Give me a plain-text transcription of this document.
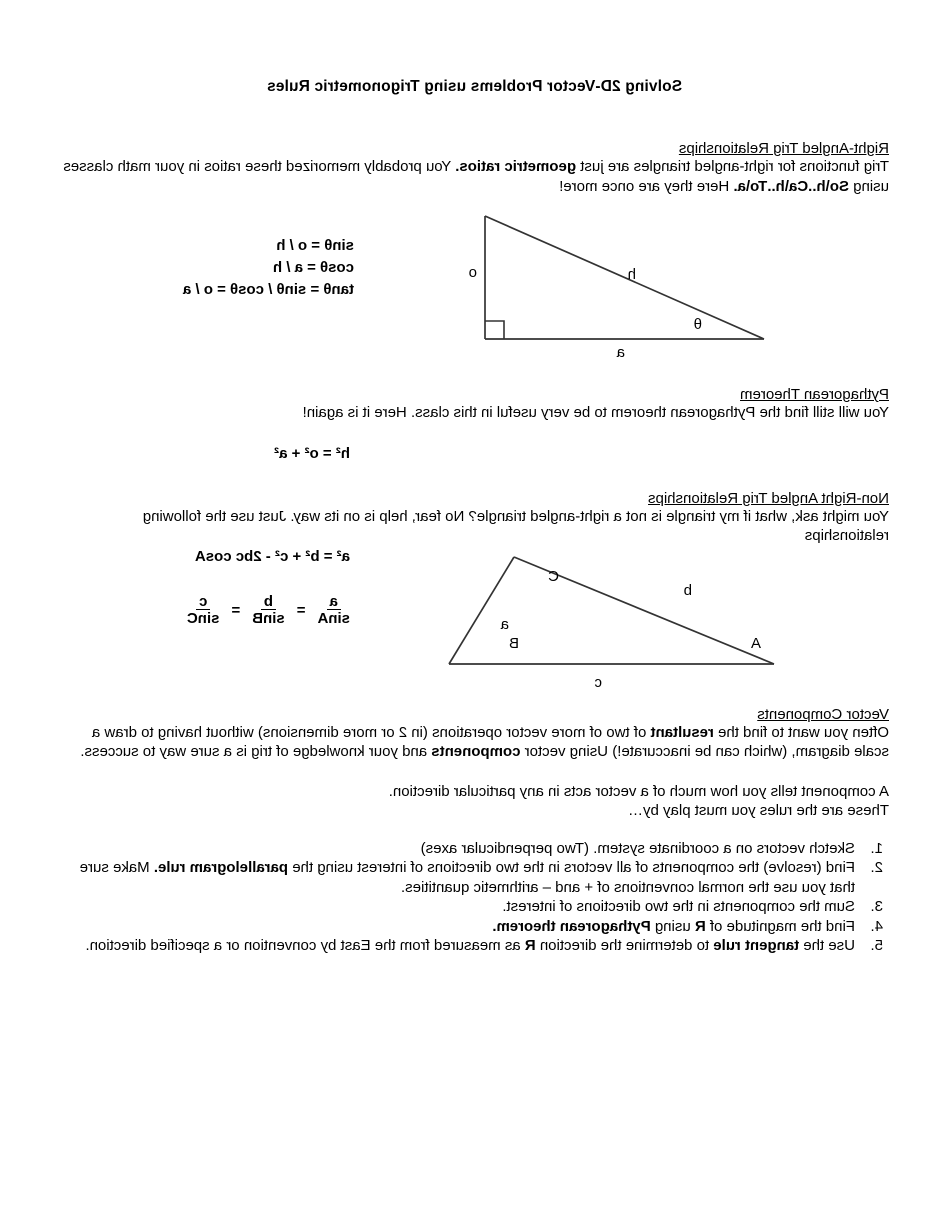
Solving 2D-Vector Problems using Trigonometric Rules
Right-Angled Trig Relationships

Trig functions for right-angled triangles are just geometric ratios. You probably memorized these ratios in your math classes using So\h..Ca\h..To\a. Here they are once more!

h
o
a
θ
sinθ = o / h
cosθ = a / h
tanθ = sinθ / cosθ = o / a
Pythagorean Theorem

You will still find the Pythagorean theorem to be very useful in this class. Here it is again!

h² = o² + a²
Non-Right Angled Trig Relationships

You might ask, what if my triangle is not a right-angled triangle? No fear, help is on its way. Just use the following relationships

b
a
c
A
B
C
a² = b² + c² - 2bc cosA
$\frac{a}{\sin A}$
=
$\frac{b}{\sin B}$
=
$\frac{c}{\sin C}$
Vector Components

Often you want to find the resultant of two of more vector operations (in 2 or more dimensions) without having to draw a scale diagram, (which can be inaccurate!) Using vector components and your knowledge of trig is a sure way to success.

A component tells you how much of a vector acts in any particular direction.

These are the rules you must play by…

1.
Sketch vectors on a coordinate system. (Two perpendicular axes)
2.
Find (resolve) the components of all vectors in the two directions of interest using the parallelogram rule. Make sure that you use the normal conventions of + and – arithmetic quantities.
3.
Sum the components in the two directions of interest.
4.
Find the magnitude of R using Pythagorean theorem.
5.
Use the tangent rule to determine the direction R as measured from the East by convention or a specified direction.
